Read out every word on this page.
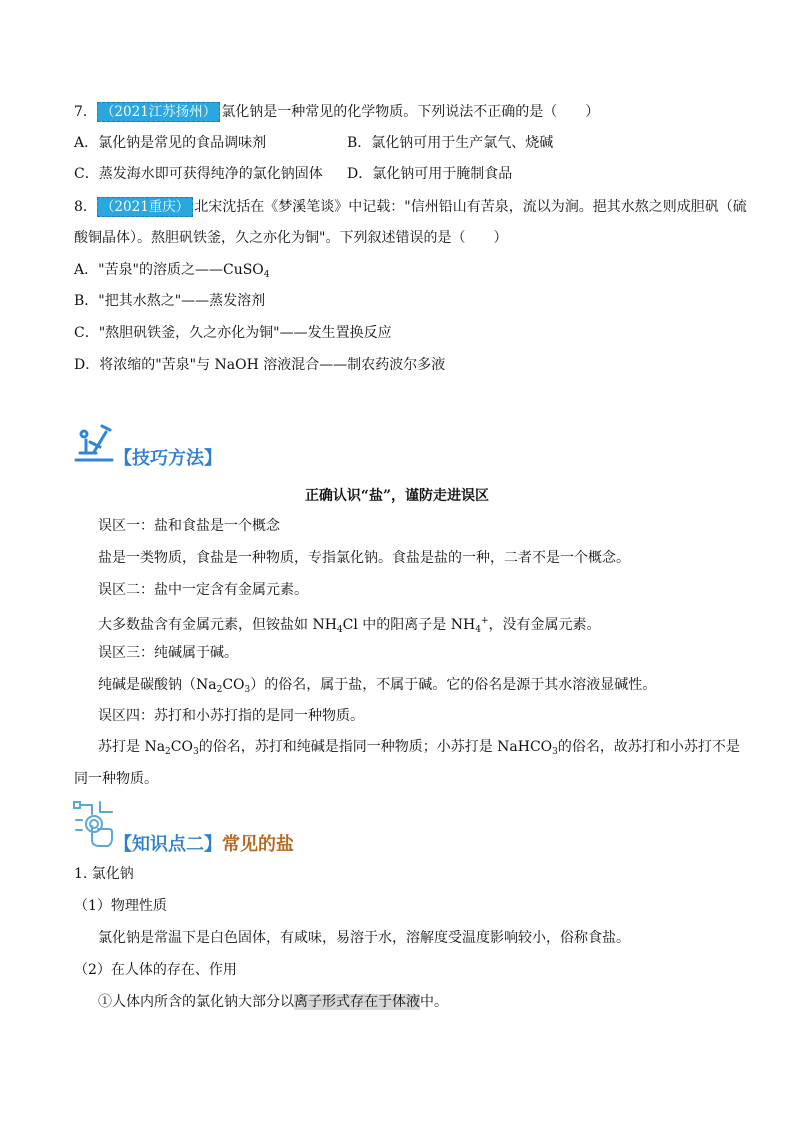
7． （2021江苏扬州） 氯化钠是一种常见的化学物质。下列说法不正确的是（　　）
A．氯化钠是常见的食品调味剂	B．氯化钠可用于生产氯气、烧碱
C．蒸发海水即可获得纯净的氯化钠固体 D．氯化钠可用于腌制食品
8． （2021重庆） 北宋沈括在《梦溪笔谈》中记载："信州铅山有苦泉，流以为涧。挹其水熬之则成胆矾（硫
酸铜晶体）。熬胆矾铁釜，久之亦化为铜"。下列叙述错误的是（　　）
A．"苦泉"的溶质之——CuSO$_4$
B．"把其水熬之"——蒸发溶剂
C．"熬胆矾铁釜，久之亦化为铜"——发生置换反应
D．将浓缩的"苦泉"与 NaOH 溶液混合——制农药波尔多液
【技巧方法】
正确认识“盐”，谨防走进误区
误区一：盐和食盐是一个概念
盐是一类物质，食盐是一种物质，专指氯化钠。食盐是盐的一种，二者不是一个概念。
误区二：盐中一定含有金属元素。
大多数盐含有金属元素，但铵盐如 $NH_4Cl$ 中的阳离子是 $NH_4^+$，没有金属元素。
误区三：纯碱属于碱。
纯碱是碳酸钠$(Na_2CO_3)$的俗名，属于盐，不属于碱。它的俗名是源于其水溶液显碱性。
误区四：苏打和小苏打指的是同一种物质。
苏打是 $Na_2CO_3$的俗名，苏打和纯碱是指同一种物质；小苏打是 NaHCO$_3$的俗名，故苏打和小苏打不是
同一种物质。
【知识点二】常见的盐
1. 氯化钠
（1）物理性质
氯化钠是常温下是白色固体，有咸味，易溶于水，溶解度受温度影响较小，俗称食盐。
（2）在人体的存在、作用
①人体内所含的氯化钠大部分以离子形式存在于体液中。
